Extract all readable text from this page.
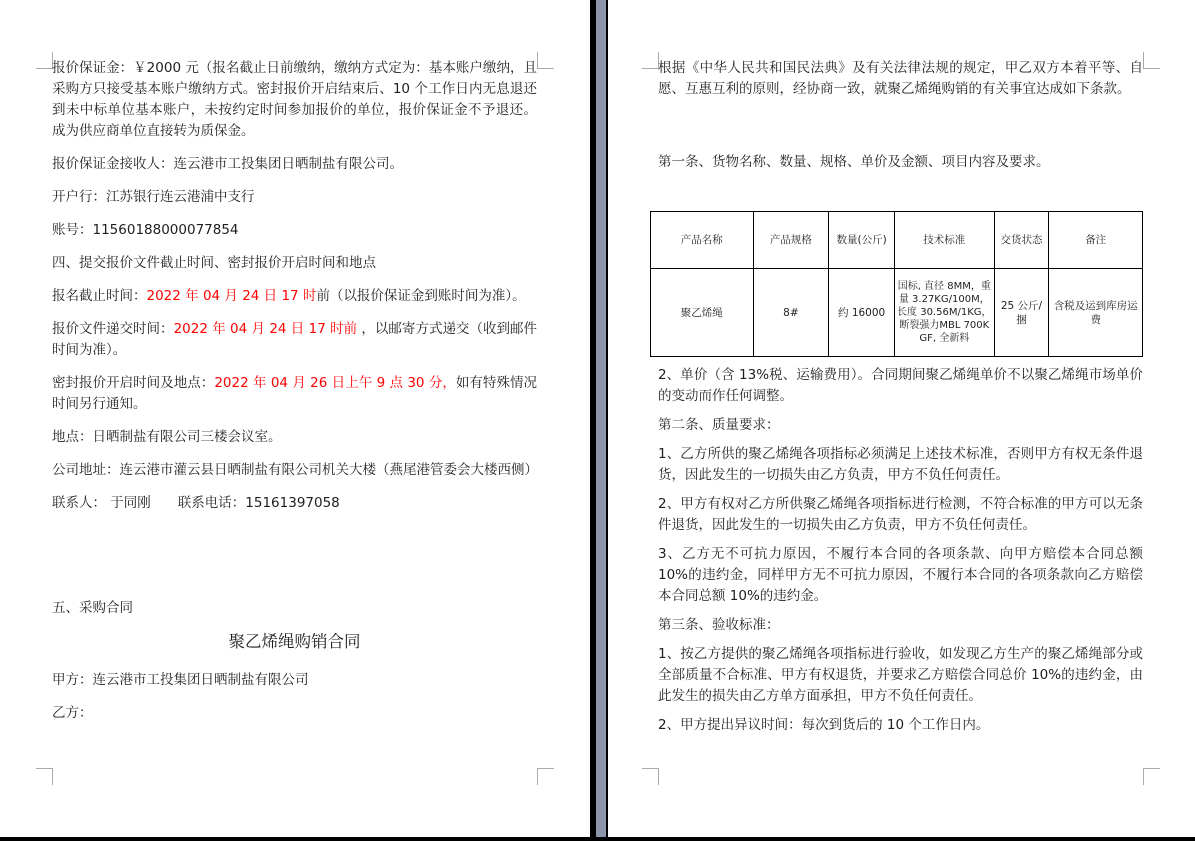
报价保证金：￥2000 元（报名截止日前缴纳，缴纳方式定为：基本账户缴纳，且采购方只接受基本账户缴纳方式。密封报价开启结束后、10 个工作日内无息退还到未中标单位基本账户，未按约定时间参加报价的单位，报价保证金不予退还。成为供应商单位直接转为质保金。

报价保证金接收人：连云港市工投集团日晒制盐有限公司。

开户行：江苏银行连云港浦中支行

账号：11560188000077854

四、提交报价文件截止时间、密封报价开启时间和地点

报名截止时间：2022 年 04 月 24 日 17 时前（以报价保证金到账时间为准）。

报价文件递交时间：2022 年 04 月 24 日 17 时前 ，以邮寄方式递交（收到邮件时间为准）。

密封报价开启时间及地点：2022 年 04 月 26 日上午 9 点 30 分，如有特殊情况时间另行通知。

地点：日晒制盐有限公司三楼会议室。

公司地址：连云港市灌云县日晒制盐有限公司机关大楼（燕尾港管委会大楼西侧）

联系人： 于同刚　　联系电话：15161397058

五、采购合同

聚乙烯绳购销合同

甲方：连云港市工投集团日晒制盐有限公司

乙方：

根据《中华人民共和国民法典》及有关法律法规的规定，甲乙双方本着平等、自愿、互惠互利的原则，经协商一致，就聚乙烯绳购销的有关事宜达成如下条款。

第一条、货物名称、数量、规格、单价及金额、项目内容及要求。

产品名称	产品规格	数量(公斤)	技术标准	交货状态	备注
聚乙烯绳	8#	约 16000	国标, 直径 8MM，重量 3.27KG/100M，长度 30.56M/1KG，断裂强力MBL 700KGF, 全新料	25 公斤/捆	含税及运到库房运费

2、单价（含 13%税、运输费用）。合同期间聚乙烯绳单价不以聚乙烯绳市场单价的变动而作任何调整。

第二条、质量要求：

1、乙方所供的聚乙烯绳各项指标必须满足上述技术标准，否则甲方有权无条件退货，因此发生的一切损失由乙方负责，甲方不负任何责任。

2、甲方有权对乙方所供聚乙烯绳各项指标进行检测，不符合标准的甲方可以无条件退货，因此发生的一切损失由乙方负责，甲方不负任何责任。

3、乙方无不可抗力原因，不履行本合同的各项条款、向甲方赔偿本合同总额 10%的违约金，同样甲方无不可抗力原因，不履行本合同的各项条款向乙方赔偿本合同总额 10%的违约金。

第三条、验收标准：

1、按乙方提供的聚乙烯绳各项指标进行验收，如发现乙方生产的聚乙烯绳部分或全部质量不合标准、甲方有权退货，并要求乙方赔偿合同总价 10%的违约金，由此发生的损失由乙方单方面承担，甲方不负任何责任。

2、甲方提出异议时间：每次到货后的 10 个工作日内。
